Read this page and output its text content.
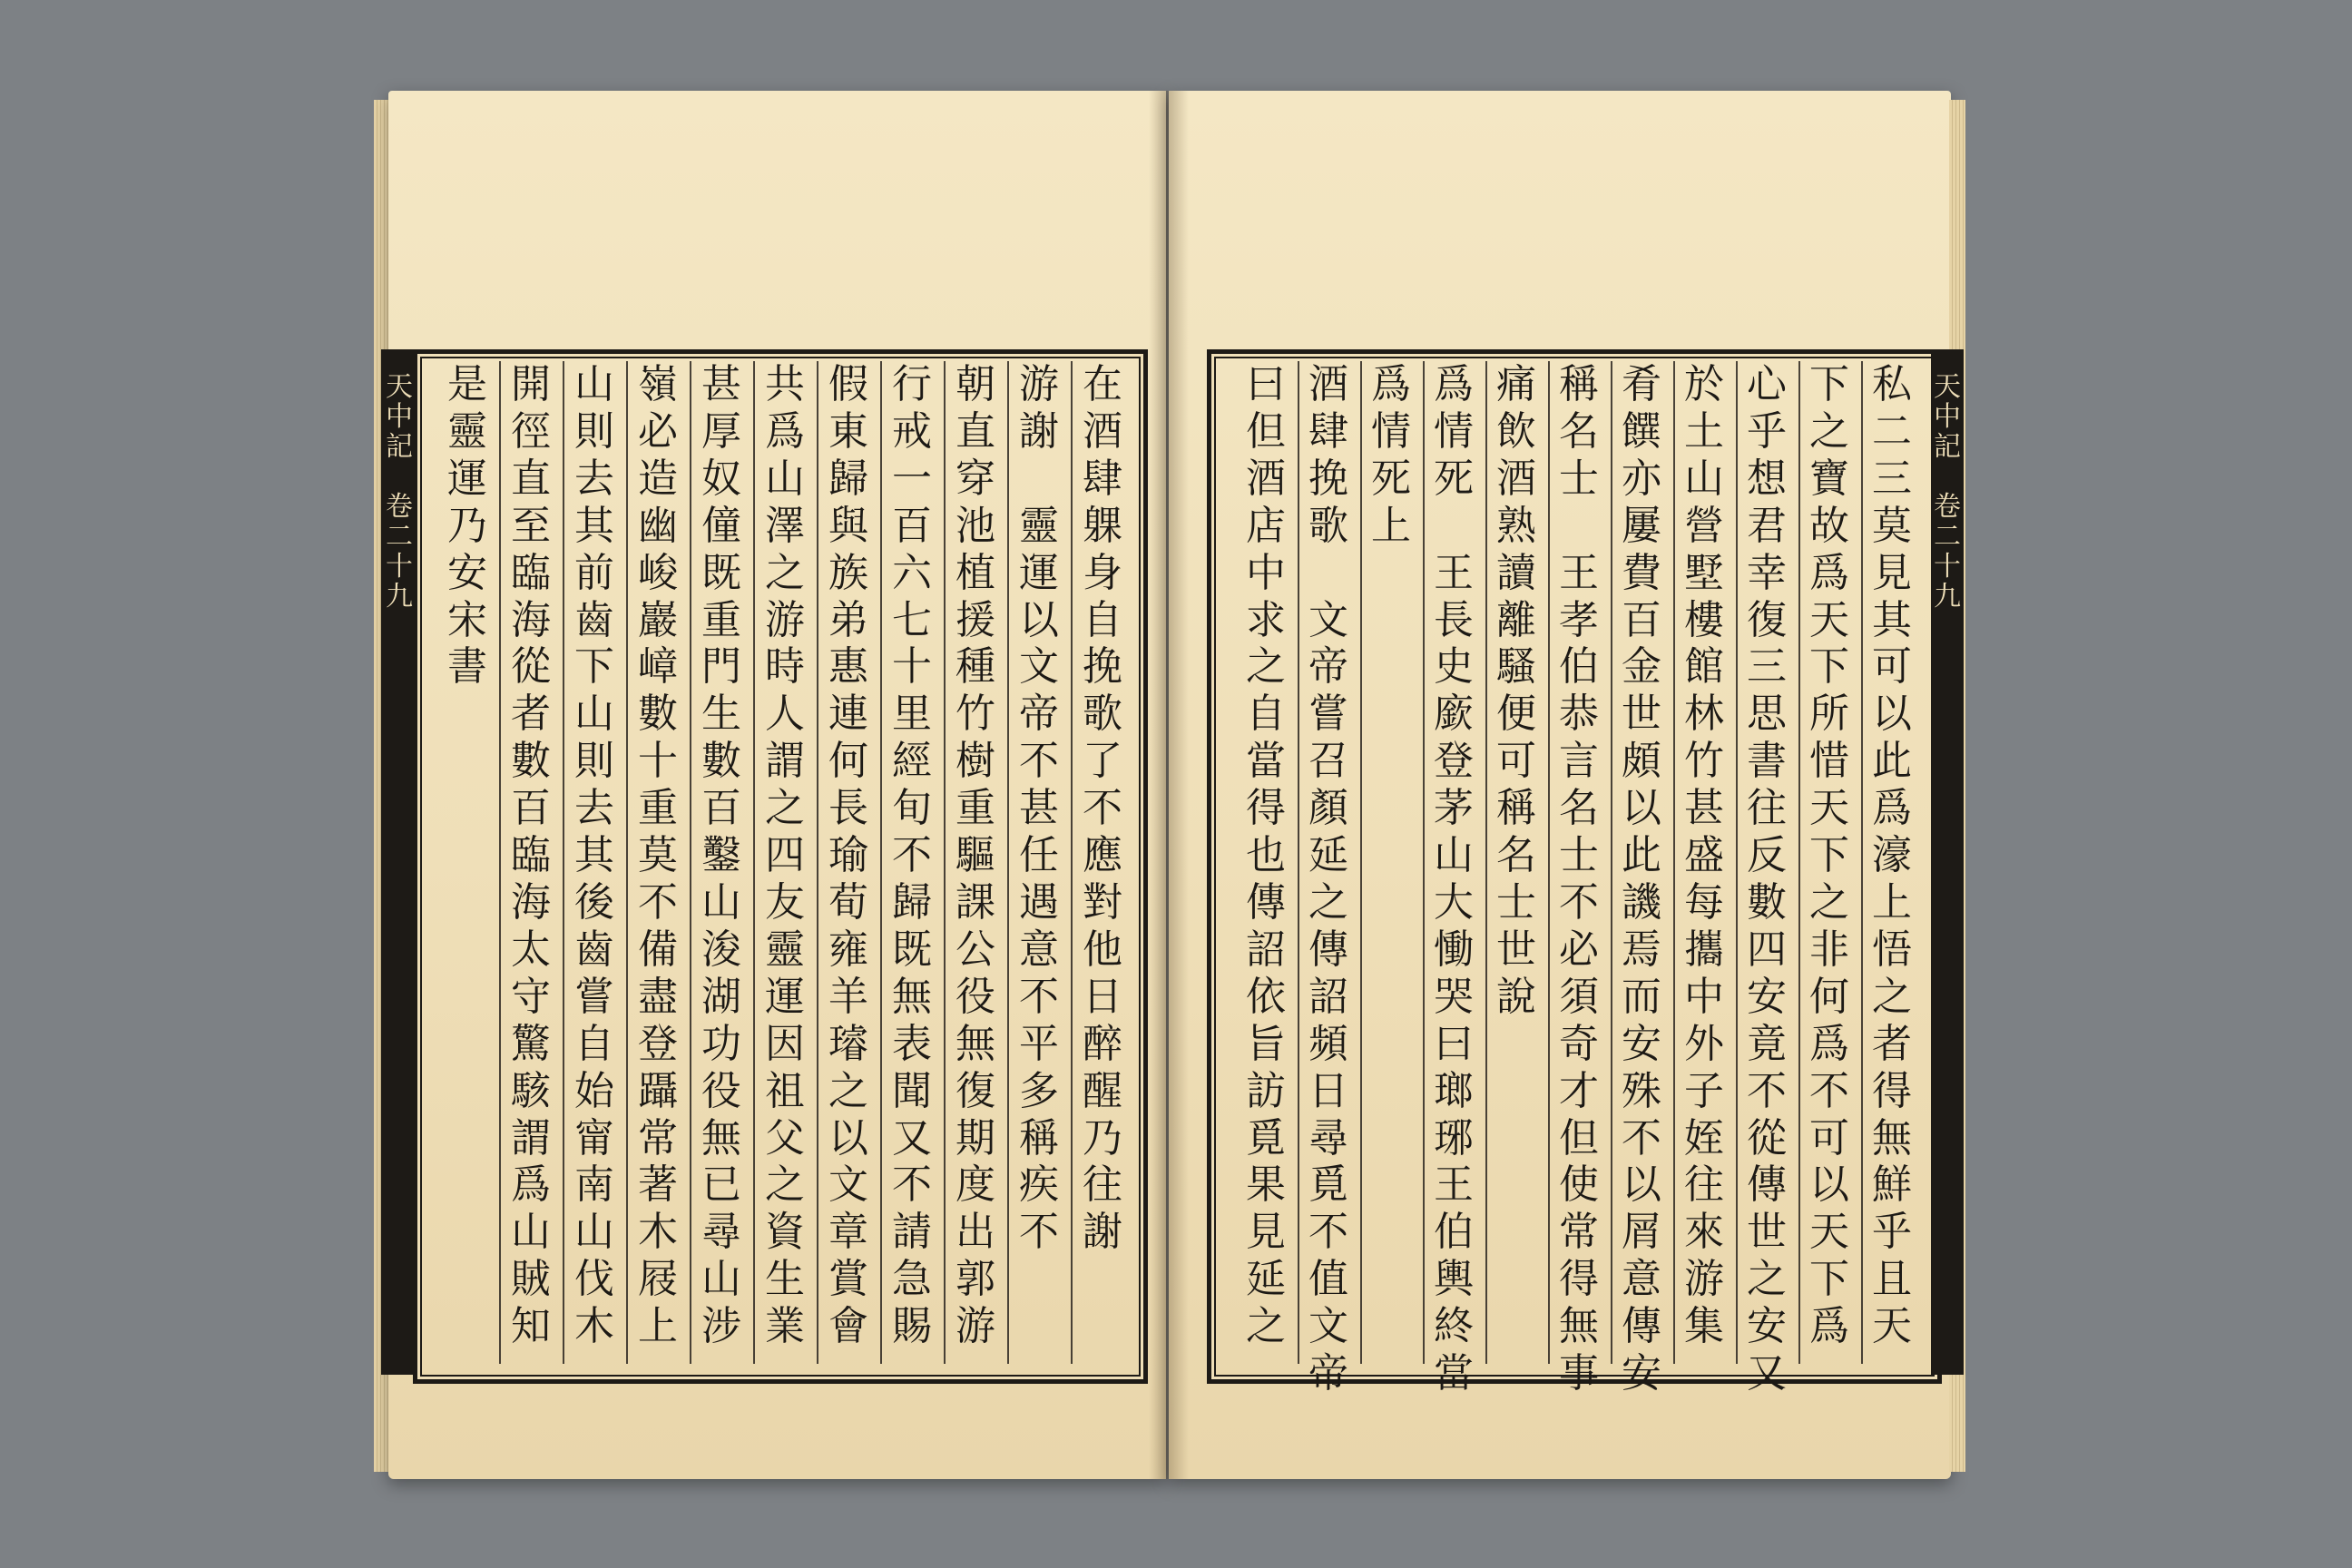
天
中
記

卷
二
十
九
天
中
記

卷
二
十
九
在
酒
肆
躶
身
自
挽
歌
了
不
應
對
他
日
醉
醒
乃
往
謝
游
謝

靈
運
以
文
帝
不
甚
任
遇
意
不
平
多
稱
疾
不
朝
直
穿
池
植
援
種
竹
樹
重
驅
課
公
役
無
復
期
度
出
郭
游
行
戒
一
百
六
七
十
里
經
旬
不
歸
既
無
表
聞
又
不
請
急
賜
假
東
歸
與
族
弟
惠
連
何
長
瑜
荀
雍
羊
璿
之
以
文
章
賞
會
共
爲
山
澤
之
游
時
人
謂
之
四
友
靈
運
因
祖
父
之
資
生
業
甚
厚
奴
僮
既
重
門
生
數
百
鑿
山
浚
湖
功
役
無
已
尋
山
涉
嶺
必
造
幽
峻
巖
嶂
數
十
重
莫
不
備
盡
登
躡
常
著
木
屐
上
山
則
去
其
前
齒
下
山
則
去
其
後
齒
嘗
自
始
甯
南
山
伐
木
開
徑
直
至
臨
海
從
者
數
百
臨
海
太
守
驚
駭
謂
爲
山
賊
知
是
靈
運
乃
安
宋
書
私
二
三
莫
見
其
可
以
此
爲
濠
上
悟
之
者
得
無
鮮
乎
且
天
下
之
寶
故
爲
天
下
所
惜
天
下
之
非
何
爲
不
可
以
天
下
爲
心
乎
想
君
幸
復
三
思
書
往
反
數
四
安
竟
不
從
傳
世
之
安
又
於
土
山
營
墅
樓
館
林
竹
甚
盛
每
攜
中
外
子
姪
往
來
游
集
肴
饌
亦
屢
費
百
金
世
頗
以
此
譏
焉
而
安
殊
不
以
屑
意
傳
安
稱
名
士

王
孝
伯
恭
言
名
士
不
必
須
奇
才
但
使
常
得
無
事
痛
飲
酒
熟
讀
離
騷
便
可
稱
名
士
世
說
爲
情
死

王
長
史
廞
登
茅
山
大
慟
哭
曰
瑯
琊
王
伯
輿
終
當
爲
情
死
上
酒
肆
挽
歌

文
帝
嘗
召
顏
延
之
傳
詔
頻
日
尋
覓
不
值
文
帝
曰
但
酒
店
中
求
之
自
當
得
也
傳
詔
依
旨
訪
覓
果
見
延
之
